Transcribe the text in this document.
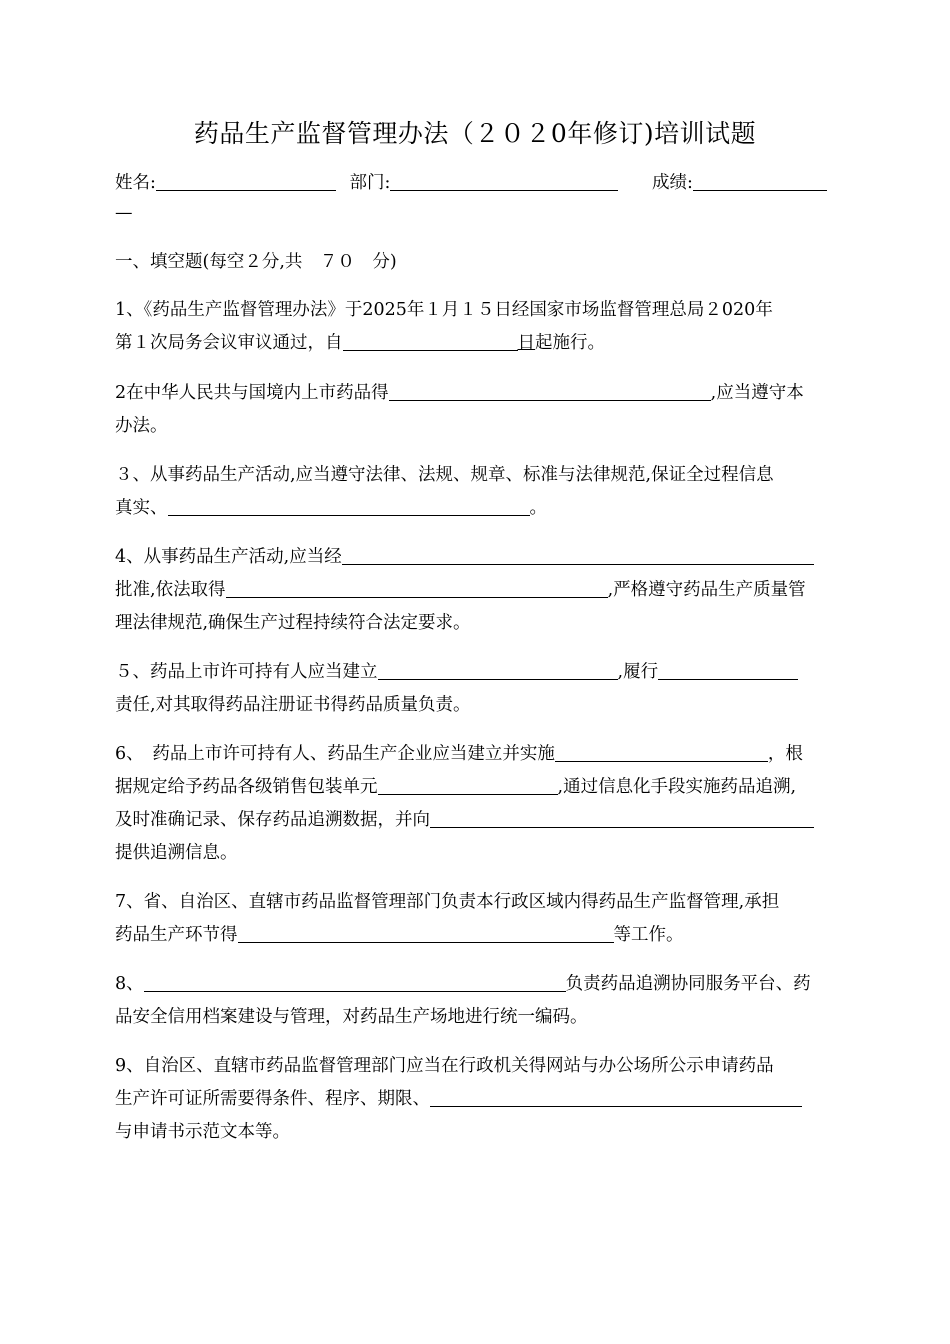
药品生产监督管理办法（２０２0年修订)培训试题
姓名:	部门:	成绩:
—
一、填空题(每空２分,共　７０　分)
1、《药品生产监督管理办法》于2025年１月１５日经国家市场监督管理总局２020年
第１次局务会议审议通过，自	日起施行。
2在中华人民共与国境内上市药品得	,应当遵守本
办法。
３、从事药品生产活动,应当遵守法律、法规、规章、标准与法律规范,保证全过程信息
真实、	。
4、从事药品生产活动,应当经
批准,依法取得	,严格遵守药品生产质量管
理法律规范,确保生产过程持续符合法定要求。
５、药品上市许可持有人应当建立	,履行
责任,对其取得药品注册证书得药品质量负责。
6、　药品上市许可持有人、药品生产企业应当建立并实施	，根
据规定给予药品各级销售包装单元	,通过信息化手段实施药品追溯,
及时准确记录、保存药品追溯数据，并向
提供追溯信息。
7、省、自治区、直辖市药品监督管理部门负责本行政区域内得药品生产监督管理,承担
药品生产环节得	等工作。
8、	负责药品追溯协同服务平台、药
品安全信用档案建设与管理，对药品生产场地进行统一编码。
9、自治区、直辖市药品监督管理部门应当在行政机关得网站与办公场所公示申请药品
生产许可证所需要得条件、程序、期限、
与申请书示范文本等。
